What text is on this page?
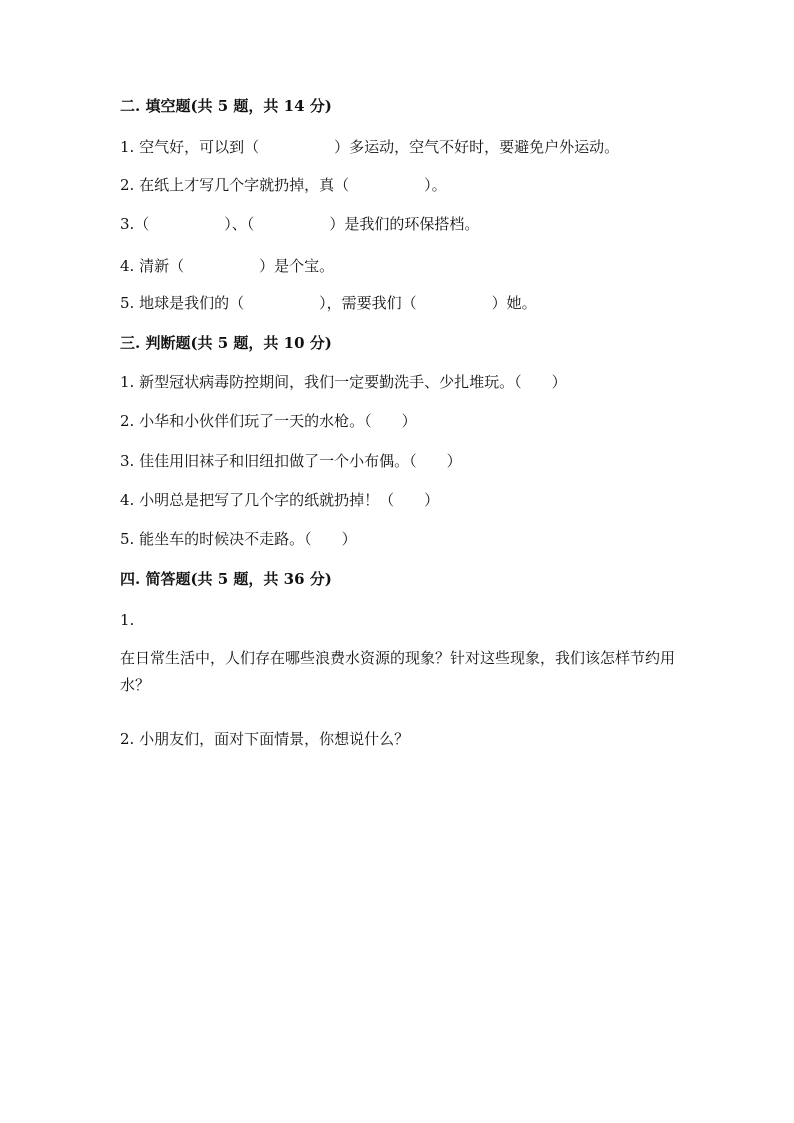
二. 填空题(共 5 题，共 14 分)
1. 空气好，可以到（　　　　　）多运动，空气不好时，要避免户外运动。
2. 在纸上才写几个字就扔掉，真（　　　　　）。
3.（　　　　　）、（　　　　　）是我们的环保搭档。
4. 清新（　　　　　）是个宝。
5. 地球是我们的（　　　　　），需要我们（　　　　　）她。
三. 判断题(共 5 题，共 10 分)
1. 新型冠状病毒防控期间，我们一定要勤洗手、少扎堆玩。（　　）
2. 小华和小伙伴们玩了一天的水枪。（　　）
3. 佳佳用旧袜子和旧纽扣做了一个小布偶。（　　）
4. 小明总是把写了几个字的纸就扔掉！（　　）
5. 能坐车的时候决不走路。（　　）
四. 简答题(共 5 题，共 36 分)
1.
在日常生活中，人们存在哪些浪费水资源的现象？针对这些现象，我们该怎样节约用水？
2. 小朋友们，面对下面情景，你想说什么？
